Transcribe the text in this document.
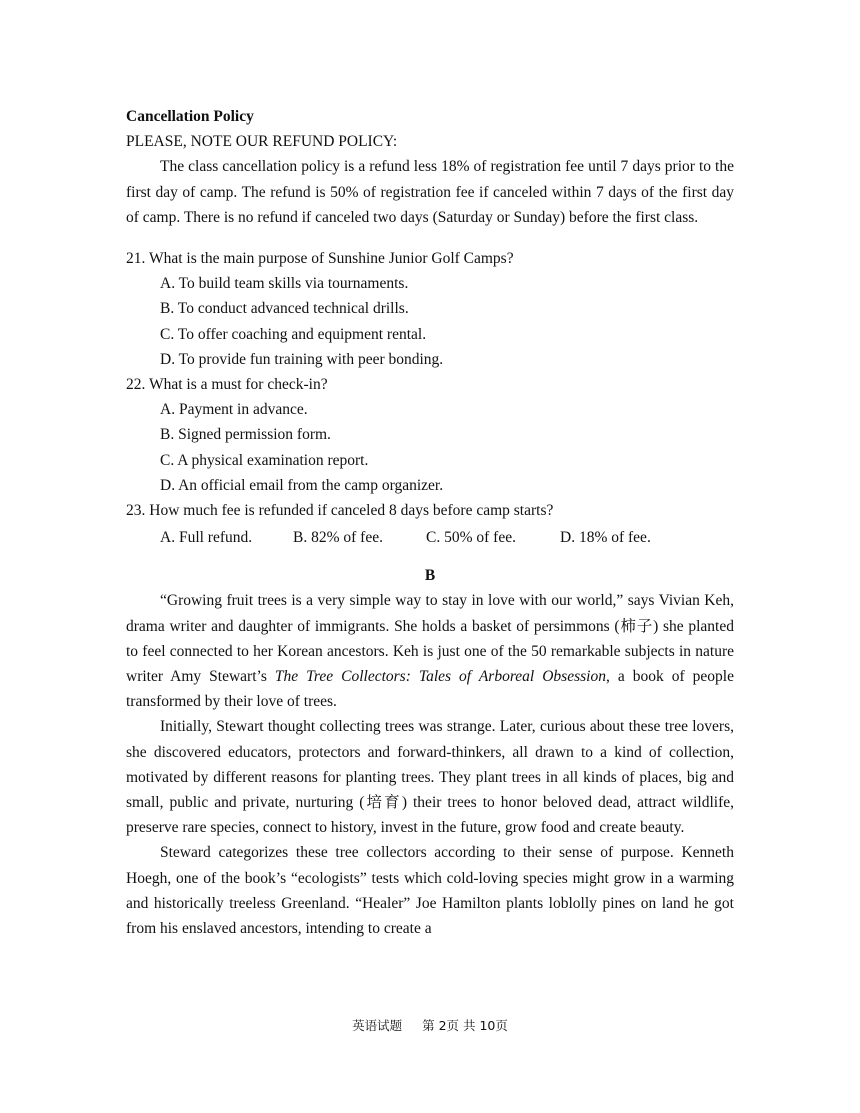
Cancellation Policy
PLEASE, NOTE OUR REFUND POLICY:
The class cancellation policy is a refund less 18% of registration fee until 7 days prior to the first day of camp. The refund is 50% of registration fee if canceled within 7 days of the first day of camp. There is no refund if canceled two days (Saturday or Sunday) before the first class.
21. What is the main purpose of Sunshine Junior Golf Camps?
A. To build team skills via tournaments.
B. To conduct advanced technical drills.
C. To offer coaching and equipment rental.
D. To provide fun training with peer bonding.
22. What is a must for check-in?
A. Payment in advance.
B. Signed permission form.
C. A physical examination report.
D. An official email from the camp organizer.
23. How much fee is refunded if canceled 8 days before camp starts?
A. Full refund.	B. 82% of fee.	C. 50% of fee.	D. 18% of fee.
B
“Growing fruit trees is a very simple way to stay in love with our world,” says Vivian Keh, drama writer and daughter of immigrants. She holds a basket of persimmons (柿子) she planted to feel connected to her Korean ancestors. Keh is just one of the 50 remarkable subjects in nature writer Amy Stewart’s The Tree Collectors: Tales of Arboreal Obsession, a book of people transformed by their love of trees.
Initially, Stewart thought collecting trees was strange. Later, curious about these tree lovers, she discovered educators, protectors and forward-thinkers, all drawn to a kind of collection, motivated by different reasons for planting trees. They plant trees in all kinds of places, big and small, public and private, nurturing (培育) their trees to honor beloved dead, attract wildlife, preserve rare species, connect to history, invest in the future, grow food and create beauty.
Steward categorizes these tree collectors according to their sense of purpose. Kenneth Hoegh, one of the book’s “ecologists” tests which cold-loving species might grow in a warming and historically treeless Greenland. “Healer” Joe Hamilton plants loblolly pines on land he got from his enslaved ancestors, intending to create a
英语试题 第 2页 共 10页
